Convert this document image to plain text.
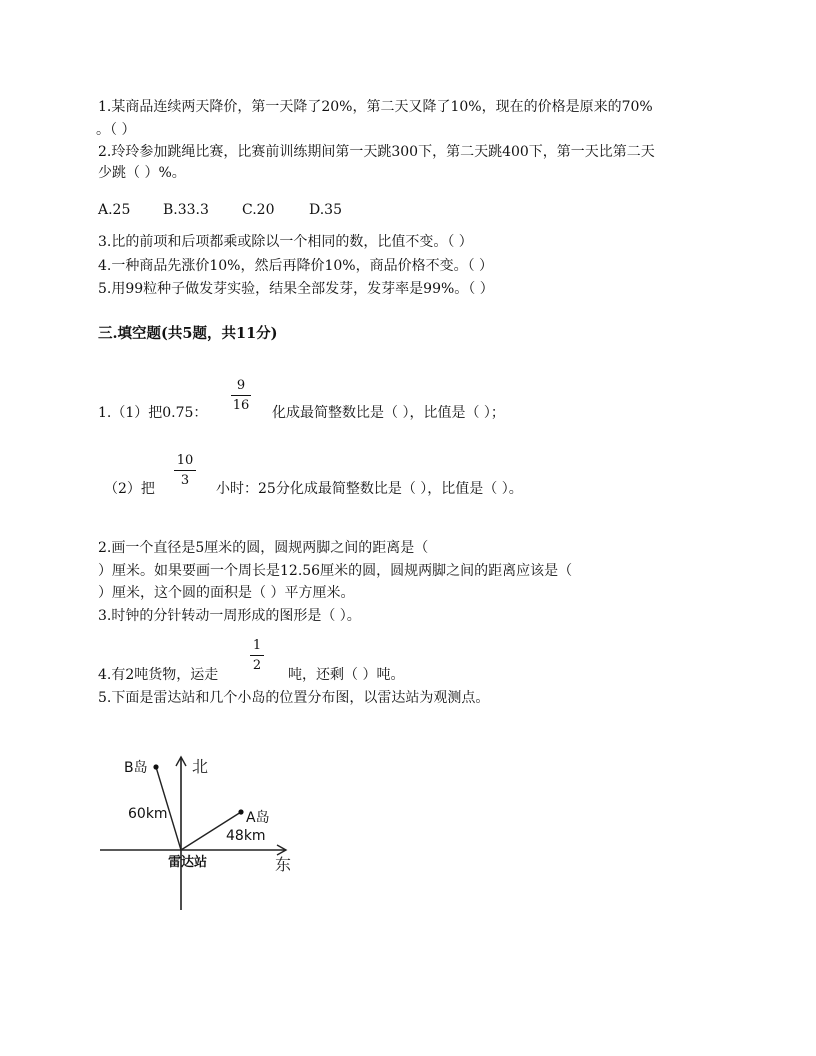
1.某商品连续两天降价，第一天降了20%，第二天又降了10%，现在的价格是原来的70%
。（ ）
2.玲玲参加跳绳比赛，比赛前训练期间第一天跳300下，第二天跳400下，第一天比第二天
少跳（ ）%。
A.25 B.33.3 C.20 D.35
3.比的前项和后项都乘或除以一个相同的数，比值不变。（ ）
4.一种商品先涨价10%，然后再降价10%，商品价格不变。（ ）
5.用99粒种子做发芽实验，结果全部发芽，发芽率是99%。（ ）
三.填空题(共5题，共11分)
1.（1）把0.75：
9
16 化成最简整数比是（ ），比值是（ ）；
（2）把
10
3
小时：25分化成最简整数比是（ ），比值是（ ）。
2.画一个直径是5厘米的圆，圆规两脚之间的距离是（
）厘米。如果要画一个周长是12.56厘米的圆，圆规两脚之间的距离应该是（
）厘米，这个圆的面积是（ ）平方厘米。
3.时钟的分针转动一周形成的图形是（ ）。
4.有2吨货物，运走
1
2
吨，还剩（ ）吨。
5.下面是雷达站和几个小岛的位置分布图，以雷达站为观测点。
北
东
雷达站
B岛
A岛
60km
48km
